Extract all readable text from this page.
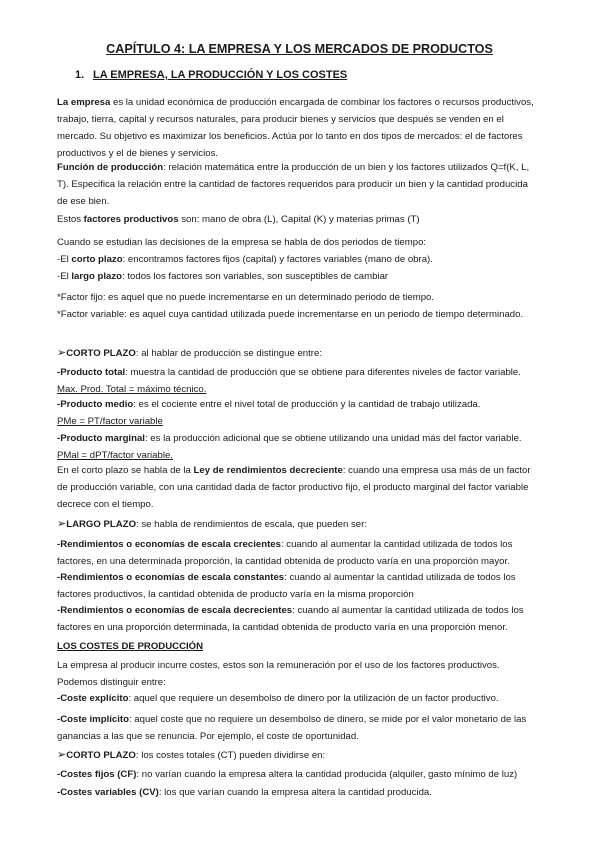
CAPÍTULO 4: LA EMPRESA Y LOS MERCADOS DE PRODUCTOS
1. LA EMPRESA, LA PRODUCCIÓN Y LOS COSTES

La empresa es la unidad económica de producción encargada de combinar los factores o recursos productivos, trabajo, tierra, capital y recursos naturales, para producir bienes y servicios que después se venden en el mercado. Su objetivo es maximizar los beneficios. Actúa por lo tanto en dos tipos de mercados: el de factores productivos y el de bienes y servicios.

Función de producción: relación matemática entre la producción de un bien y los factores utilizados Q=f(K, L, T). Especifica la relación entre la cantidad de factores requeridos para producir un bien y la cantidad producida de ese bien.

Estos factores productivos son: mano de obra (L), Capital (K) y materias primas (T)

Cuando se estudian las decisiones de la empresa se habla de dos periodos de tiempo:
-El corto plazo: encontramos factores fijos (capital) y factores variables (mano de obra).
-El largo plazo: todos los factores son variables, son susceptibles de cambiar
*Factor fijo: es aquel que no puede incrementarse en un determinado periodo de tiempo.
*Factor variable: es aquel cuya cantidad utilizada puede incrementarse en un periodo de tiempo determinado.

➢CORTO PLAZO: al hablar de producción se distingue entre:

-Producto total: muestra la cantidad de producción que se obtiene para diferentes niveles de factor variable. Max. Prod. Total = máximo técnico.

-Producto medio: es el cociente entre el nivel total de producción y la cantidad de trabajo utilizada.
PMe = PT/factor variable

-Producto marginal: es la producción adicional que se obtiene utilizando una unidad más del factor variable. PMal = dPT/factor variable.

En el corto plazo se habla de la Ley de rendimientos decreciente: cuando una empresa usa más de un factor de producción variable, con una cantidad dada de factor productivo fijo, el producto marginal del factor variable decrece con el tiempo.

➢LARGO PLAZO: se habla de rendimientos de escala, que pueden ser:

-Rendimientos o economías de escala crecientes: cuando al aumentar la cantidad utilizada de todos los factores, en una determinada proporción, la cantidad obtenida de producto varía en una proporción mayor.

-Rendimientos o economías de escala constantes: cuando al aumentar la cantidad utilizada de todos los factores productivos, la cantidad obtenida de producto varía en la misma proporción

-Rendimientos o economías de escala decrecientes: cuando al aumentar la cantidad utilizada de todos los factores en una proporción determinada, la cantidad obtenida de producto varía en una proporción menor.

LOS COSTES DE PRODUCCIÓN

La empresa al producir incurre costes, estos son la remuneración por el uso de los factores productivos. Podemos distinguir entre:

-Coste explícito: aquel que requiere un desembolso de dinero por la utilización de un factor productivo.

-Coste implícito: aquel coste que no requiere un desembolso de dinero, se mide por el valor monetario de las ganancias a las que se renuncia. Por ejemplo, el coste de oportunidad.

➢CORTO PLAZO: los costes totales (CT) pueden dividirse en:

-Costes fijos (CF): no varían cuando la empresa altera la cantidad producida (alquiler, gasto mínimo de luz)

-Costes variables (CV): los que varían cuando la empresa altera la cantidad producida.
